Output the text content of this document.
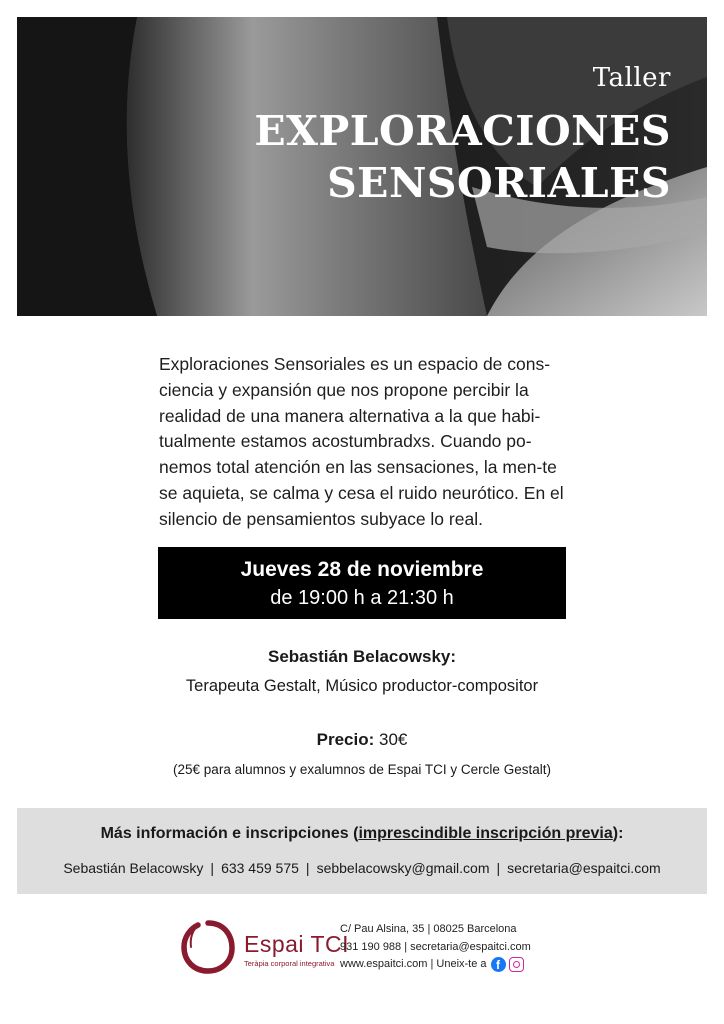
Taller
EXPLORACIONES
SENSORIALES

Exploraciones Sensoriales es un espacio de cons-ciencia y expansión que nos propone percibir la realidad de una manera alternativa a la que habi-tualmente estamos acostumbradxs. Cuando po-nemos total atención en las sensaciones, la men-te se aquieta, se calma y cesa el ruido neurótico. En el silencio de pensamientos subyace lo real.

Jueves 28 de noviembre
de 19:00 h a 21:30 h
Sebastián Belacowsky:
Terapeuta Gestalt, Músico productor-compositor
Precio: 30€
(25€ para alumnos y exalumnos de Espai TCI y Cercle Gestalt)
Más información e inscripciones (imprescindible inscripción previa):
Sebastián Belacowsky | 633 459 575 | sebbelacowsky@gmail.com | secretaria@espaitci.com
Espai TCI
Teràpia corporal integrativa
C/ Pau Alsina, 35 | 08025 Barcelona
931 190 988 | secretaria@espaitci.com
www.espaitci.com | Uneix-te a f
